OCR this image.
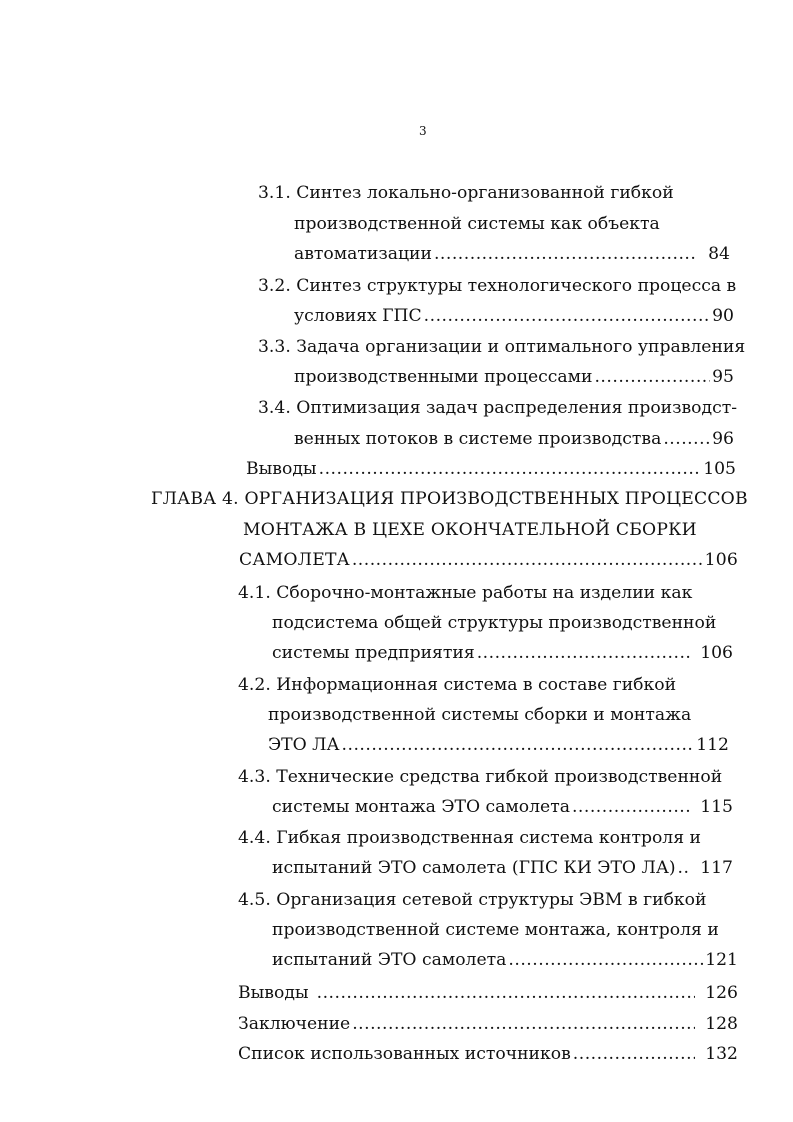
3
3.1. Синтез локально-организованной гибкой
производственной системы как объекта
автоматизации .....	84
3.2. Синтез структуры технологического процесса в
условиях ГПС .....	90
3.3. Задача организации и оптимального управления
производственными процессами .....	95
3.4. Оптимизация задач распределения производст-
венных потоков в системе производства .....	96
Выводы .....	105
ГЛАВА 4. ОРГАНИЗАЦИЯ ПРОИЗВОДСТВЕННЫХ ПРОЦЕССОВ
МОНТАЖА В ЦЕХЕ ОКОНЧАТЕЛЬНОЙ СБОРКИ
САМОЛЕТА .....	106
4.1. Сборочно-монтажные работы на изделии как
подсистема общей структуры производственной
системы предприятия .....	106
4.2. Информационная система в составе гибкой
производственной системы сборки и монтажа
ЭТО ЛА .....	112
4.3. Технические средства гибкой производственной
системы монтажа ЭТО самолета .....	115
4.4. Гибкая производственная система контроля и
испытаний ЭТО самолета (ГПС КИ ЭТО ЛА) .....	117
4.5. Организация сетевой структуры ЭВМ в гибкой
производственной системе монтажа, контроля и
испытаний ЭТО самолета .....	121
Выводы .....	126
Заключение .....	128
Список использованных источников .....	132
